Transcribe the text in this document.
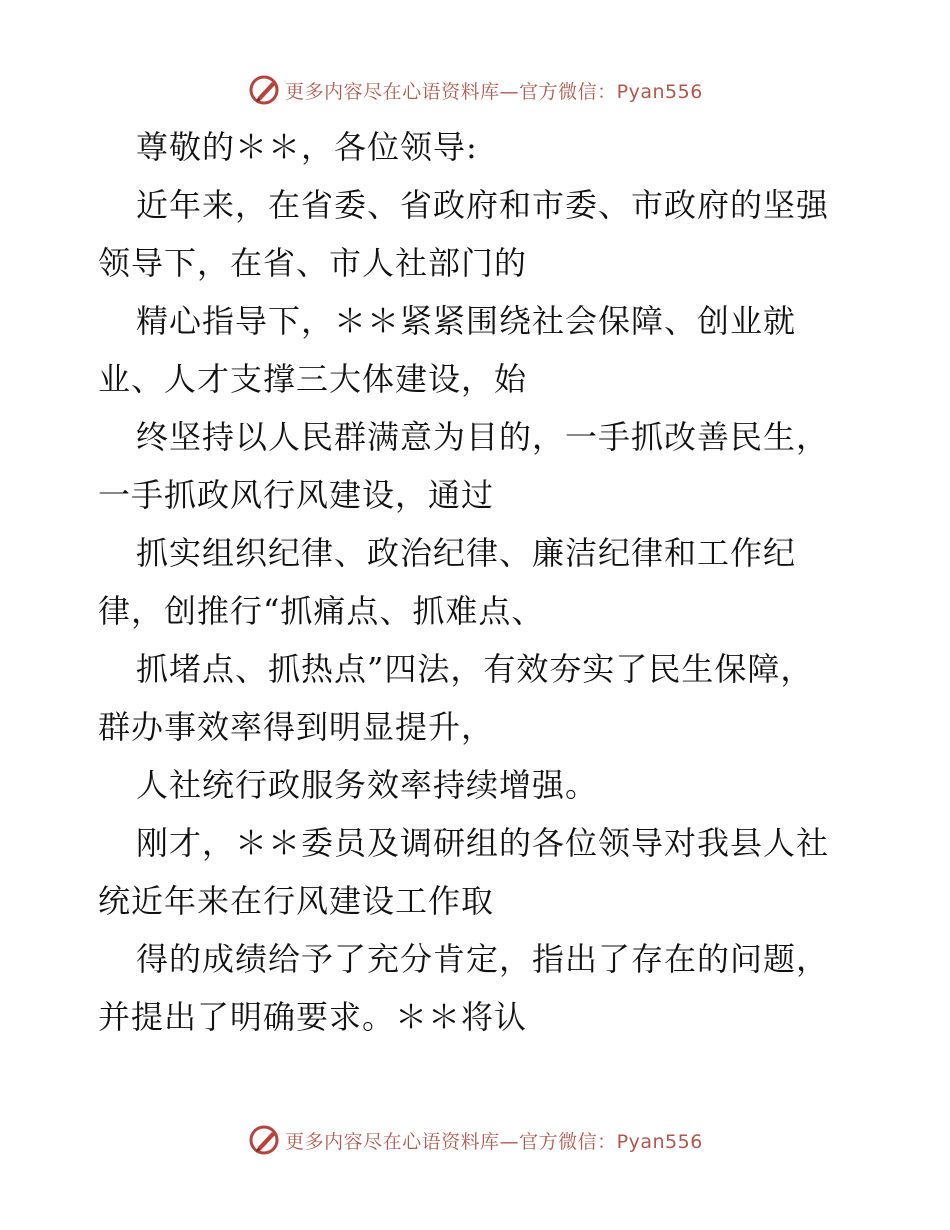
更多内容尽在心语资料库—官方微信：Pyan556
尊敬的＊＊，各位领导:
近年来，在省委、省政府和市委、市政府的坚强
领导下，在省、市人社部门的
精心指导下，＊＊紧紧围绕社会保障、创业就
业、人才支撑三大体建设，始
终坚持以人民群满意为目的，一手抓改善民生，
一手抓政风行风建设，通过
抓实组织纪律、政治纪律、廉洁纪律和工作纪
律，创推行“抓痛点、抓难点、
抓堵点、抓热点”四法，有效夯实了民生保障，
群办事效率得到明显提升，
人社统行政服务效率持续增强。
刚才，＊＊委员及调研组的各位领导对我县人社
统近年来在行风建设工作取
得的成绩给予了充分肯定，指出了存在的问题，
并提出了明确要求。＊＊将认
更多内容尽在心语资料库—官方微信：Pyan556
